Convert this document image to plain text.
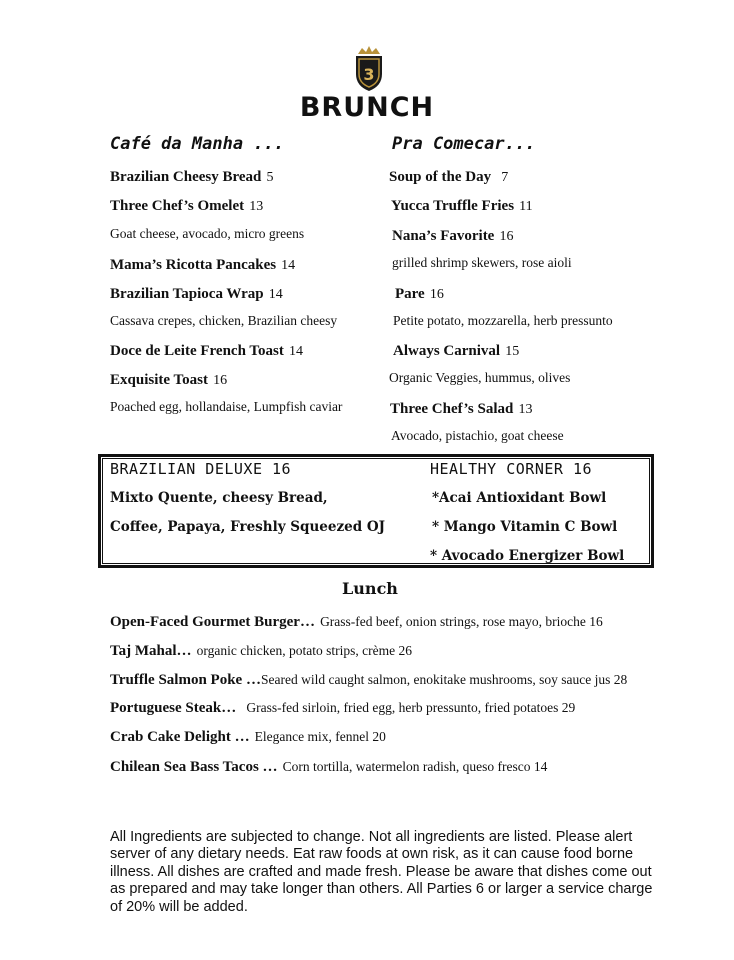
3
BRUNCH
Café da Manha ...
Brazilian Cheesy Bread 5
Three Chef’s Omelet 13
Goat cheese, avocado, micro greens
Mama’s Ricotta Pancakes 14
Brazilian Tapioca Wrap 14
Cassava crepes, chicken, Brazilian cheesy
Doce de Leite French Toast 14
Exquisite Toast 16
Poached egg, hollandaise, Lumpfish caviar
Pra Comecar...
Soup of the Day 7
Yucca Truffle Fries 11
Nana’s Favorite 16
grilled shrimp skewers, rose aioli
Pare 16
Petite potato, mozzarella, herb pressunto
Always Carnival 15
Organic Veggies, hummus, olives
Three Chef’s Salad 13
Avocado, pistachio, goat cheese
BRAZILIAN DELUXE 16
Mixto Quente, cheesy Bread,
Coffee, Papaya, Freshly Squeezed OJ
HEALTHY CORNER 16
*Acai Antioxidant Bowl
* Mango Vitamin C Bowl
* Avocado Energizer Bowl
Lunch
Open-Faced Gourmet Burger… Grass-fed beef, onion strings, rose mayo, brioche 16
Taj Mahal… organic chicken, potato strips, crème 26
Truffle Salmon Poke …Seared wild caught salmon, enokitake mushrooms, soy sauce jus 28
Portuguese Steak… Grass-fed sirloin, fried egg, herb pressunto, fried potatoes 29
Crab Cake Delight … Elegance mix, fennel 20
Chilean Sea Bass Tacos … Corn tortilla, watermelon radish, queso fresco 14
All Ingredients are subjected to change. Not all ingredients are listed. Please alert
server of any dietary needs. Eat raw foods at own risk, as it can cause food borne
illness. All dishes are crafted and made fresh. Please be aware that dishes come out
as prepared and may take longer than others. All Parties 6 or larger a service charge
of 20% will be added.
